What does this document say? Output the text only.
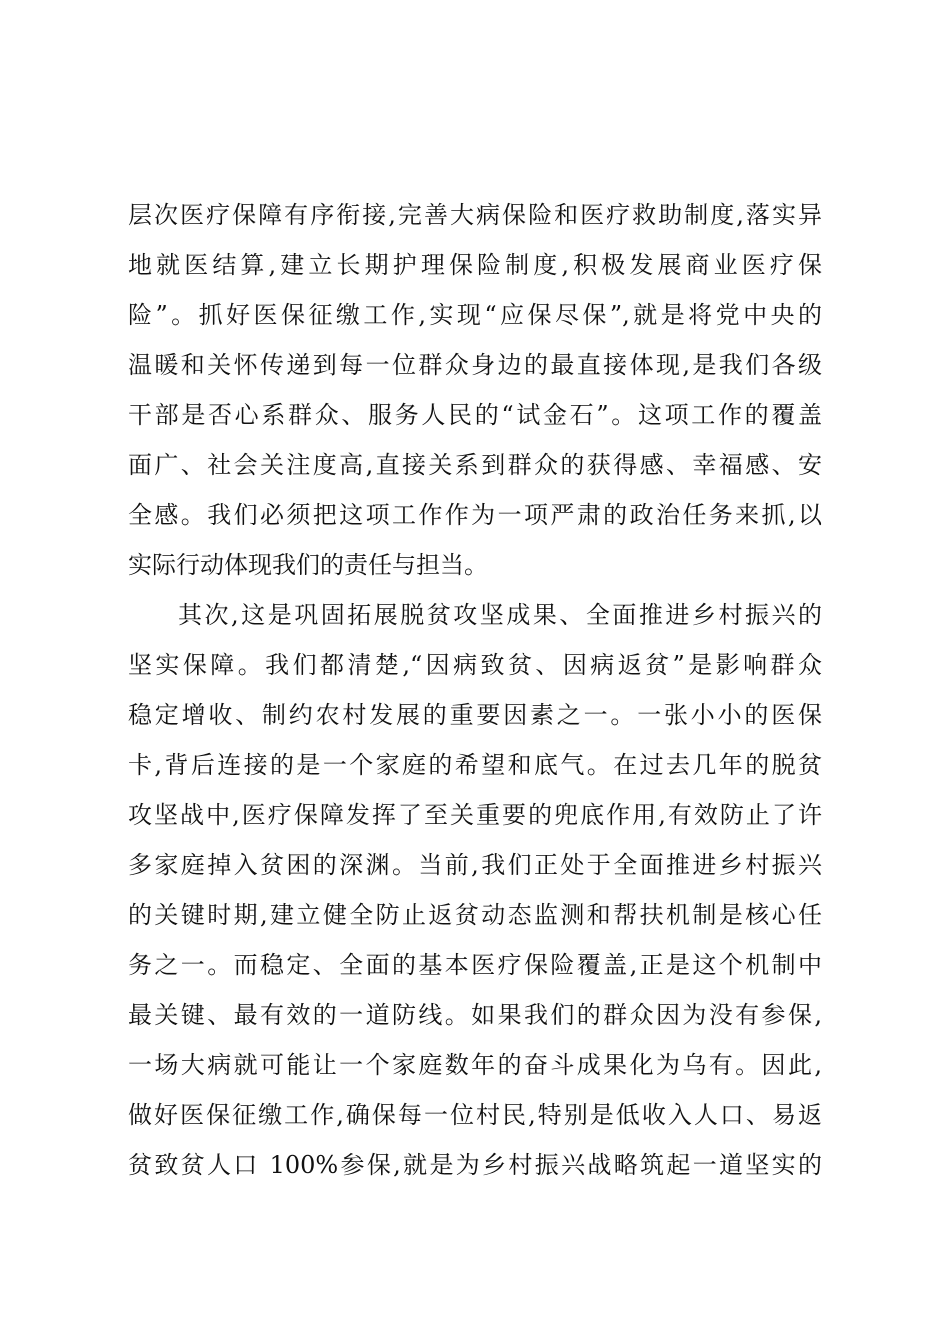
层次医疗保障有序衔接,完善大病保险和医疗救助制度,落实异
地就医结算,建立长期护理保险制度,积极发展商业医疗保
险”。抓好医保征缴工作,实现“应保尽保”,就是将党中央的
温暖和关怀传递到每一位群众身边的最直接体现,是我们各级
干部是否心系群众、服务人民的“试金石”。这项工作的覆盖
面广、社会关注度高,直接关系到群众的获得感、幸福感、安
全感。我们必须把这项工作作为一项严肃的政治任务来抓,以
实际行动体现我们的责任与担当。
其次,这是巩固拓展脱贫攻坚成果、全面推进乡村振兴的
坚实保障。我们都清楚,“因病致贫、因病返贫”是影响群众
稳定增收、制约农村发展的重要因素之一。一张小小的医保
卡,背后连接的是一个家庭的希望和底气。在过去几年的脱贫
攻坚战中,医疗保障发挥了至关重要的兜底作用,有效防止了许
多家庭掉入贫困的深渊。当前,我们正处于全面推进乡村振兴
的关键时期,建立健全防止返贫动态监测和帮扶机制是核心任
务之一。而稳定、全面的基本医疗保险覆盖,正是这个机制中
最关键、最有效的一道防线。如果我们的群众因为没有参保,
一场大病就可能让一个家庭数年的奋斗成果化为乌有。因此,
做好医保征缴工作,确保每一位村民,特别是低收入人口、易返
贫致贫人口 100%参保,就是为乡村振兴战略筑起一道坚实的
